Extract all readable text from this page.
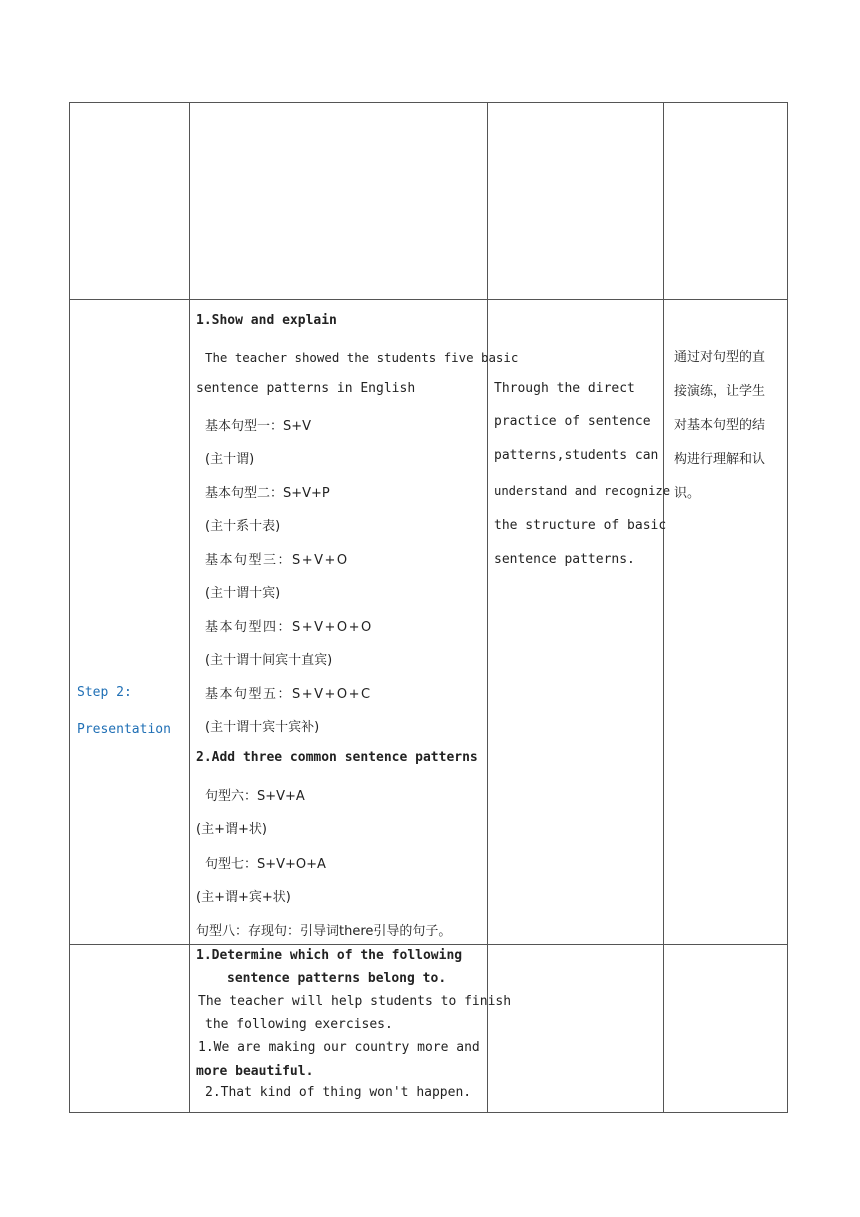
Step 2:
Presentation
1.Show and explain
The teacher showed the students five basic
sentence patterns in English
基本句型一：S+V
(主十谓)
基本句型二：S+V+P
(主十系十表)
基本句型三：S+V+O
(主十谓十宾)
基本句型四：S+V+O+O
(主十谓十间宾十直宾)
基本句型五：S+V+O+C
(主十谓十宾十宾补)
2.Add three common sentence patterns
句型六：S+V+A
(主+谓+状)
句型七：S+V+O+A
(主+谓+宾+状)
句型八：存现句：引导词there引导的句子。
Through the direct
practice of sentence
patterns,students can
understand and recognize
the structure of basic
sentence patterns.
通过对句型的直
接演练，让学生
对基本句型的结
构进行理解和认
识。
1.Determine which of the following
sentence patterns belong to.
The teacher will help students to finish
the following exercises.
1.We are making our country more and
more beautiful.
2.That kind of thing won't happen.
